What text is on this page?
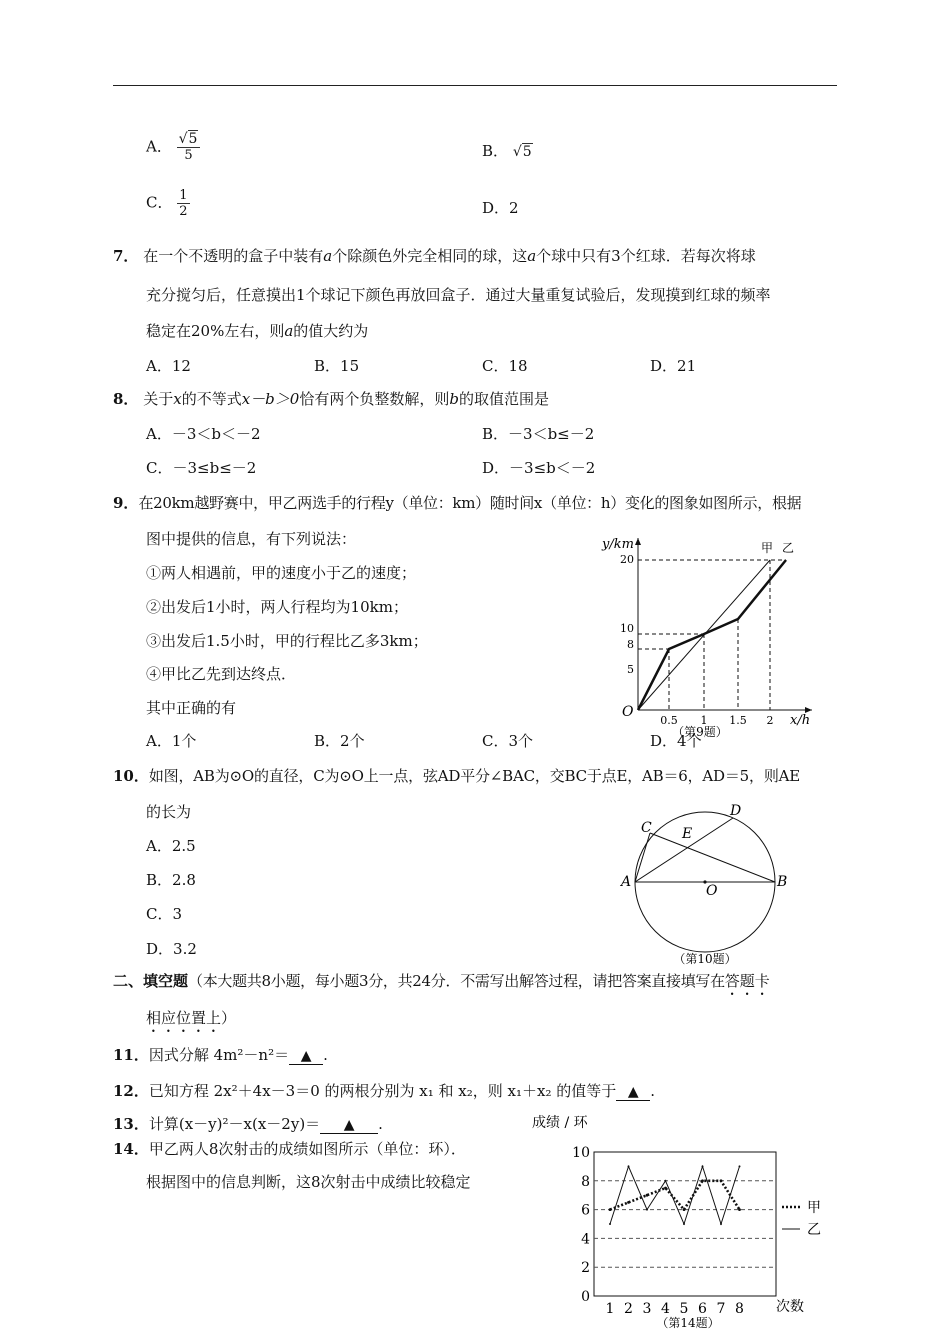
A． $\frac{√5}{5}$	B． √5
C． $\frac{1}{2}$	D．2
7． 在一个不透明的盒子中装有a个除颜色外完全相同的球，这a个球中只有3个红球．若每次将球
充分搅匀后，任意摸出1个球记下颜色再放回盒子．通过大量重复试验后，发现摸到红球的频率
稳定在20%左右，则a的值大约为
A．12	B．15	C．18	D．21
8． 关于x的不等式x－b＞0恰有两个负整数解，则b的取值范围是
A．－3＜b＜－2	B．－3＜b≤－2
C．－3≤b≤－2	D．－3≤b＜－2
9．在20km越野赛中，甲乙两选手的行程y（单位：km）随时间x（单位：h）变化的图象如图所示，根据
图中提供的信息，有下列说法：
①两人相遇前，甲的速度小于乙的速度；
②出发后1小时，两人行程均为10km；
③出发后1.5小时，甲的行程比乙多3km；
④甲比乙先到达终点．
其中正确的有
A．1个	B．2个	C．3个	D．4个
y/km
x/h
O
甲 乙
20
10
8
5
0.5 1 1.5 2
（第9题）
10．如图，AB为⊙O的直径，C为⊙O上一点，弦AD平分∠BAC，交BC于点E，AB＝6，AD＝5，则AE
的长为
A．2.5
B．2.8
C．3
D．3.2
A	B
C
D
E
O
（第10题）
二、填空题（本大题共8小题，每小题3分，共24分．不需写出解答过程，请把答案直接填写在答题卡
相应位置上）
11．因式分解 4m²－n²＝ ▲ .
12．已知方程 2x²＋4x－3＝0 的两根分别为 x₁ 和 x₂，则 x₁＋x₂ 的值等于 ▲ .
13．计算(x－y)²－x(x－2y)＝ ▲ .
14．甲乙两人8次射击的成绩如图所示（单位：环）．
根据图中的信息判断，这8次射击中成绩比较稳定
0
2
4
6
8
10
1 2 3 4 5 6 7 8
成绩 / 环
次数
甲
乙
（第14题）
